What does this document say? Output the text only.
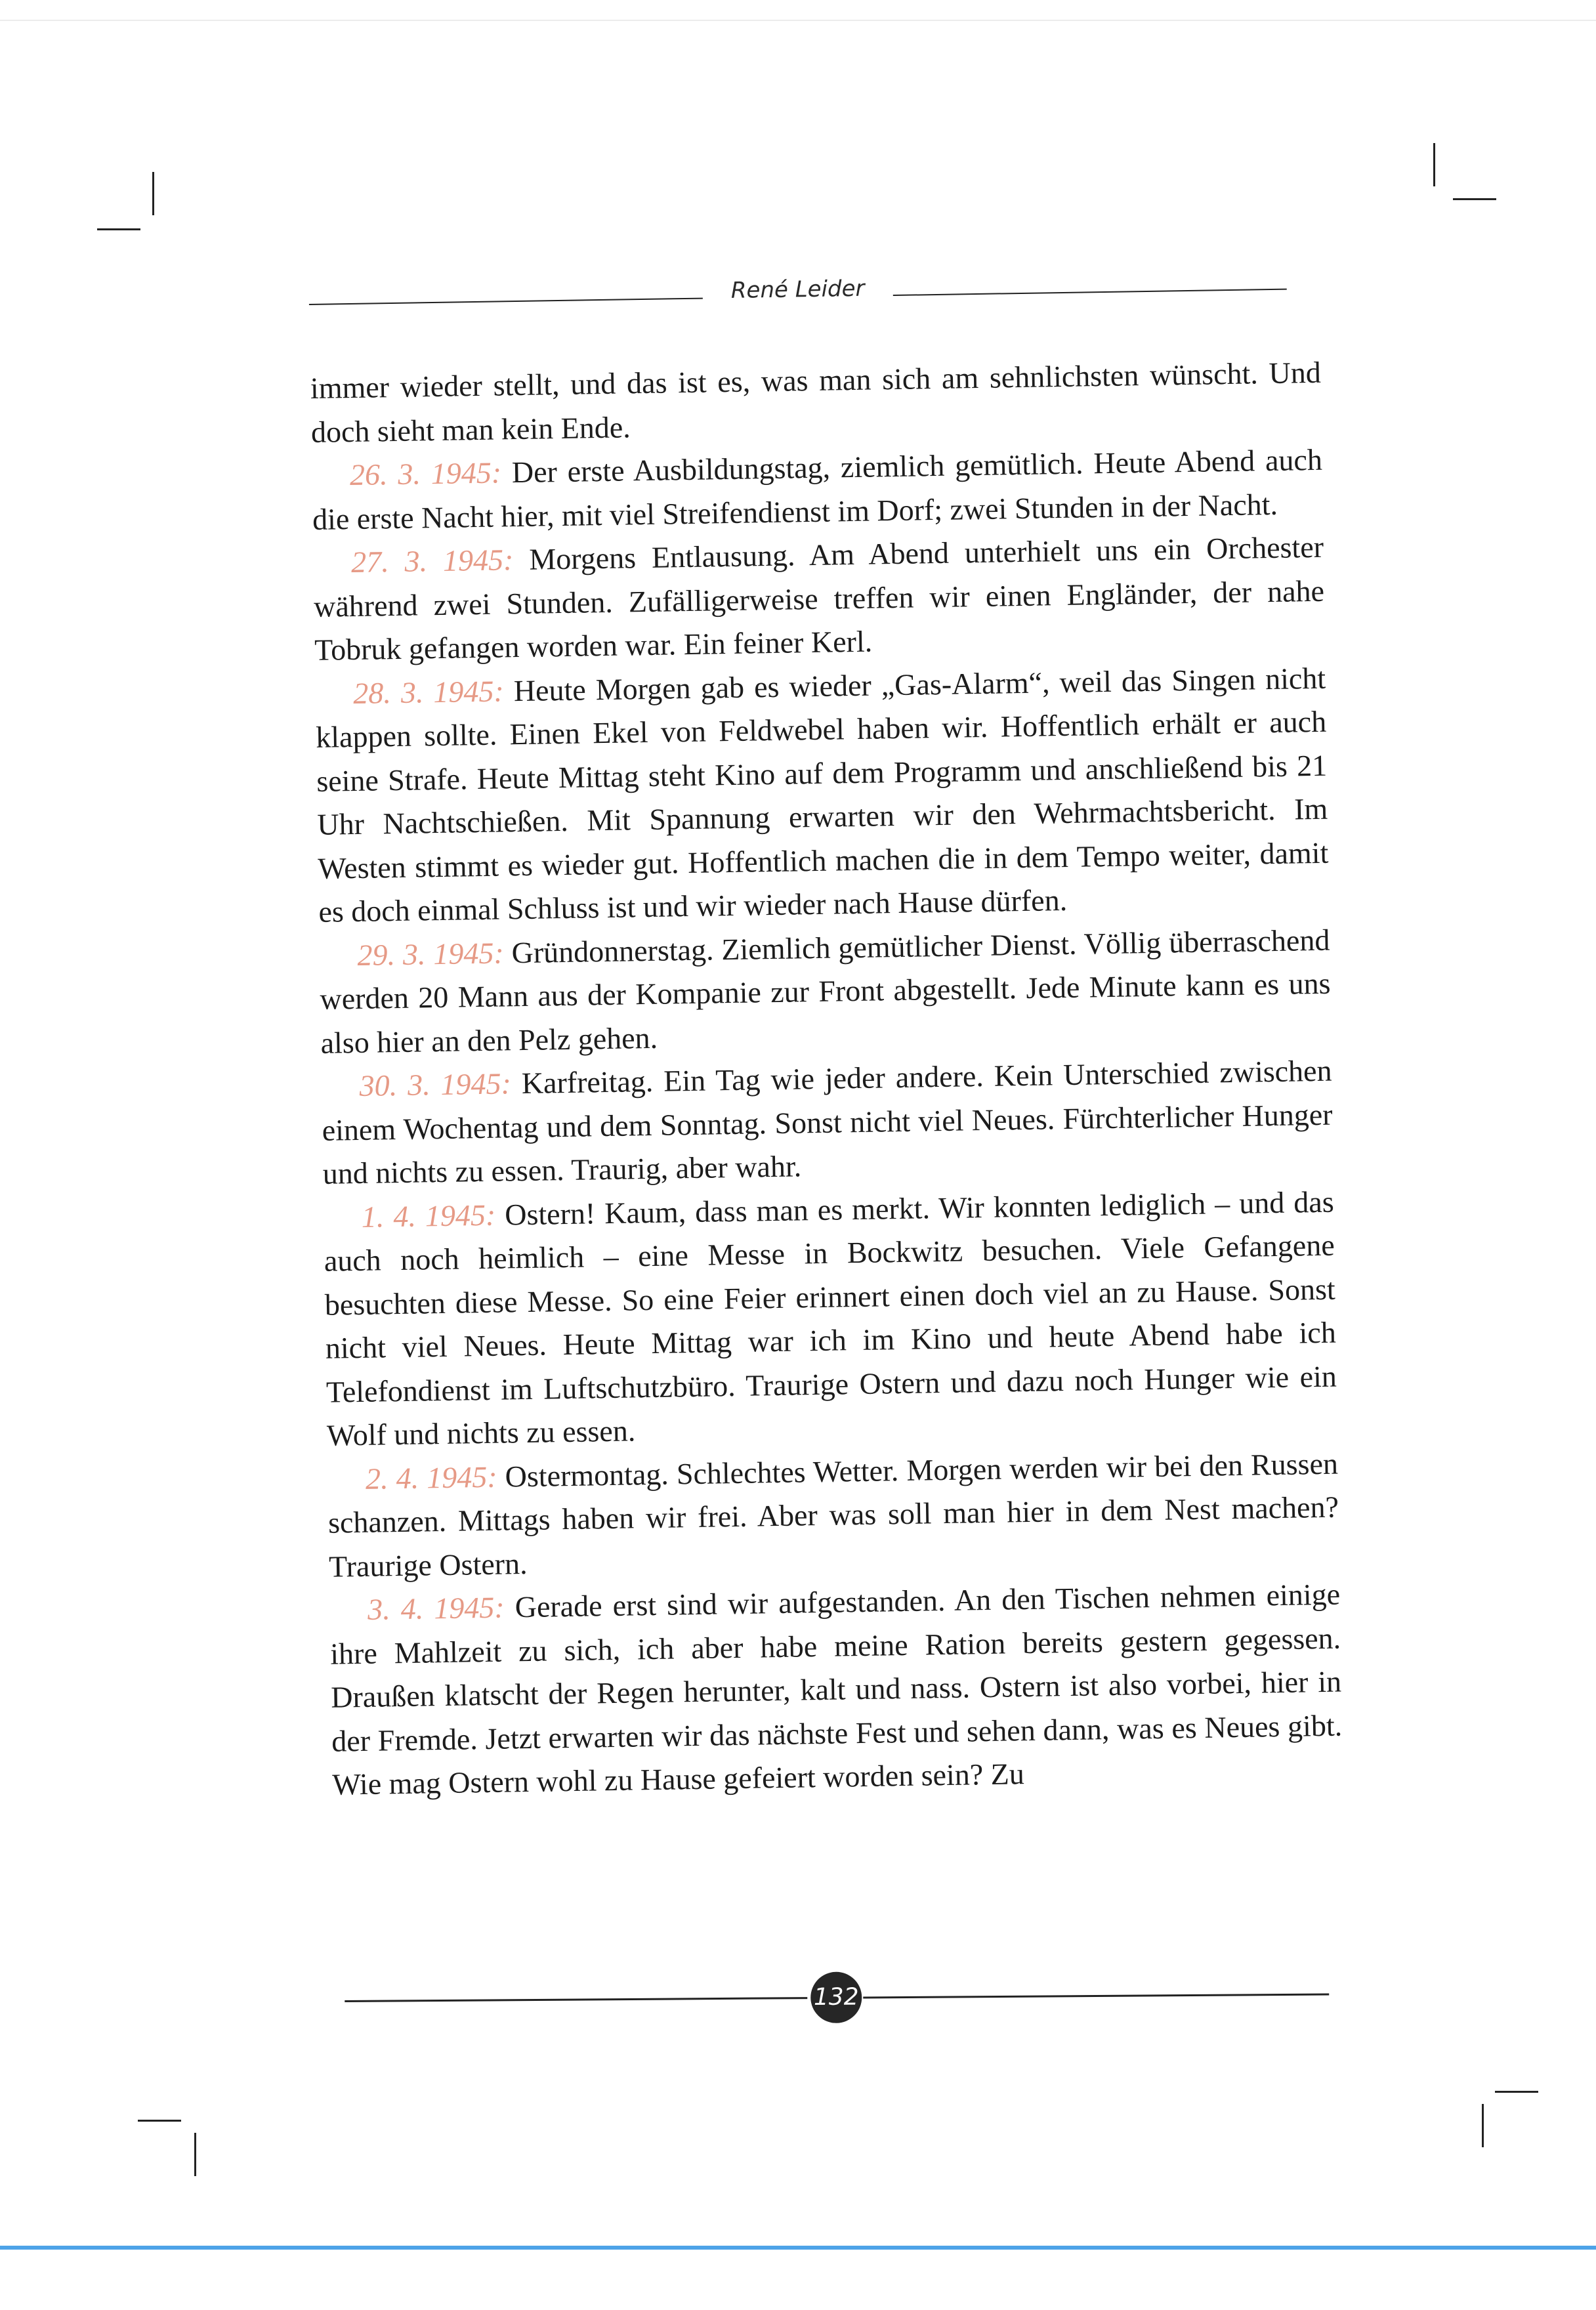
René Leider

immer wieder stellt, und das ist es, was man sich am sehnlichsten wünscht. Und doch sieht man kein Ende.

26. 3. 1945: Der erste Ausbildungstag, ziemlich gemütlich. Heute Abend auch die erste Nacht hier, mit viel Streifendienst im Dorf; zwei Stunden in der Nacht.

27. 3. 1945: Morgens Entlausung. Am Abend unterhielt uns ein Orchester während zwei Stunden. Zufälligerweise treffen wir einen Engländer, der nahe Tobruk gefangen worden war. Ein feiner Kerl.

28. 3. 1945: Heute Morgen gab es wieder „Gas-Alarm“, weil das Singen nicht klappen sollte. Einen Ekel von Feldwebel haben wir. Hoffentlich erhält er auch seine Strafe. Heute Mittag steht Kino auf dem Programm und anschließend bis 21 Uhr Nachtschießen. Mit Spannung erwarten wir den Wehrmachtsbericht. Im Westen stimmt es wieder gut. Hoffentlich machen die in dem Tempo weiter, damit es doch einmal Schluss ist und wir wieder nach Hause dürfen.

29. 3. 1945: Gründonnerstag. Ziemlich gemütlicher Dienst. Völlig überraschend werden 20 Mann aus der Kompanie zur Front abgestellt. Jede Minute kann es uns also hier an den Pelz gehen.

30. 3. 1945: Karfreitag. Ein Tag wie jeder andere. Kein Unterschied zwischen einem Wochentag und dem Sonntag. Sonst nicht viel Neues. Fürchterlicher Hunger und nichts zu essen. Traurig, aber wahr.

1. 4. 1945: Ostern! Kaum, dass man es merkt. Wir konnten lediglich – und das auch noch heimlich – eine Messe in Bockwitz besuchen. Viele Gefangene besuchten diese Messe. So eine Feier erinnert einen doch viel an zu Hause. Sonst nicht viel Neues. Heute Mittag war ich im Kino und heute Abend habe ich Telefondienst im Luftschutzbüro. Traurige Ostern und dazu noch Hunger wie ein Wolf und nichts zu essen.

2. 4. 1945: Ostermontag. Schlechtes Wetter. Morgen werden wir bei den Russen schanzen. Mittags haben wir frei. Aber was soll man hier in dem Nest machen? Traurige Ostern.

3. 4. 1945: Gerade erst sind wir aufgestanden. An den Tischen nehmen einige ihre Mahlzeit zu sich, ich aber habe meine Ration bereits gestern gegessen. Draußen klatscht der Regen herunter, kalt und nass. Ostern ist also vorbei, hier in der Fremde. Jetzt erwarten wir das nächste Fest und sehen dann, was es Neues gibt. Wie mag Ostern wohl zu Hause gefeiert worden sein? Zu

132
